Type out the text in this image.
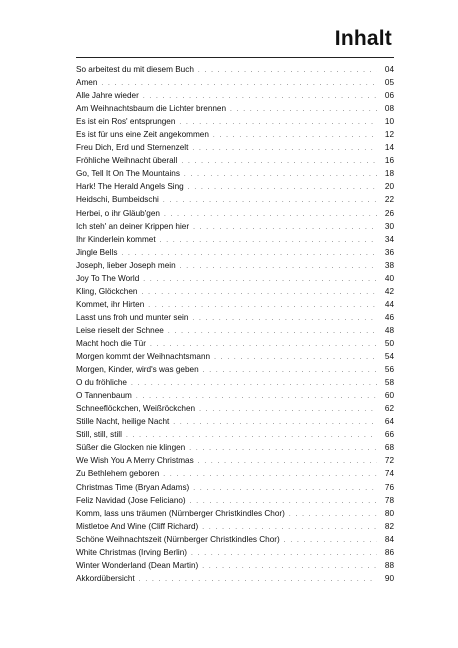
Inhalt
So arbeitest du mit diesem Buch . . .	04
Amen . . .	05
Alle Jahre wieder . . .	06
Am Weihnachtsbaum die Lichter brennen . . .	08
Es ist ein Ros' entsprungen . . .	10
Es ist für uns eine Zeit angekommen . . .	12
Freu Dich, Erd und Sternenzelt . . .	14
Fröhliche Weihnacht überall . . .	16
Go, Tell It On The Mountains . . .	18
Hark! The Herald Angels Sing . . .	20
Heidschi, Bumbeidschi . . .	22
Herbei, o ihr Gläub'gen . . .	26
Ich steh' an deiner Krippen hier . . .	30
Ihr Kinderlein kommet . . .	34
Jingle Bells . . .	36
Joseph, lieber Joseph mein . . .	38
Joy To The World . . .	40
Kling, Glöckchen . . .	42
Kommet, ihr Hirten . . .	44
Lasst uns froh und munter sein . . .	46
Leise rieselt der Schnee . . .	48
Macht hoch die Tür . . .	50
Morgen kommt der Weihnachtsmann . . .	54
Morgen, Kinder, wird's was geben . . .	56
O du fröhliche . . .	58
O Tannenbaum . . .	60
Schneeflöckchen, Weißröckchen . . .	62
Stille Nacht, heilige Nacht . . .	64
Still, still, still . . .	66
Süßer die Glocken nie klingen . . .	68
We Wish You A Merry Christmas . . .	72
Zu Bethlehem geboren . . .	74
Christmas Time (Bryan Adams) . . .	76
Feliz Navidad (Jose Feliciano) . . .	78
Komm, lass uns träumen (Nürnberger Christkindles Chor) . . .	80
Mistletoe And Wine (Cliff Richard) . . .	82
Schöne Weihnachtszeit (Nürnberger Christkindles Chor) . . .	84
White Christmas (Irving Berlin) . . .	86
Winter Wonderland (Dean Martin) . . .	88
Akkordübersicht . . .	90
